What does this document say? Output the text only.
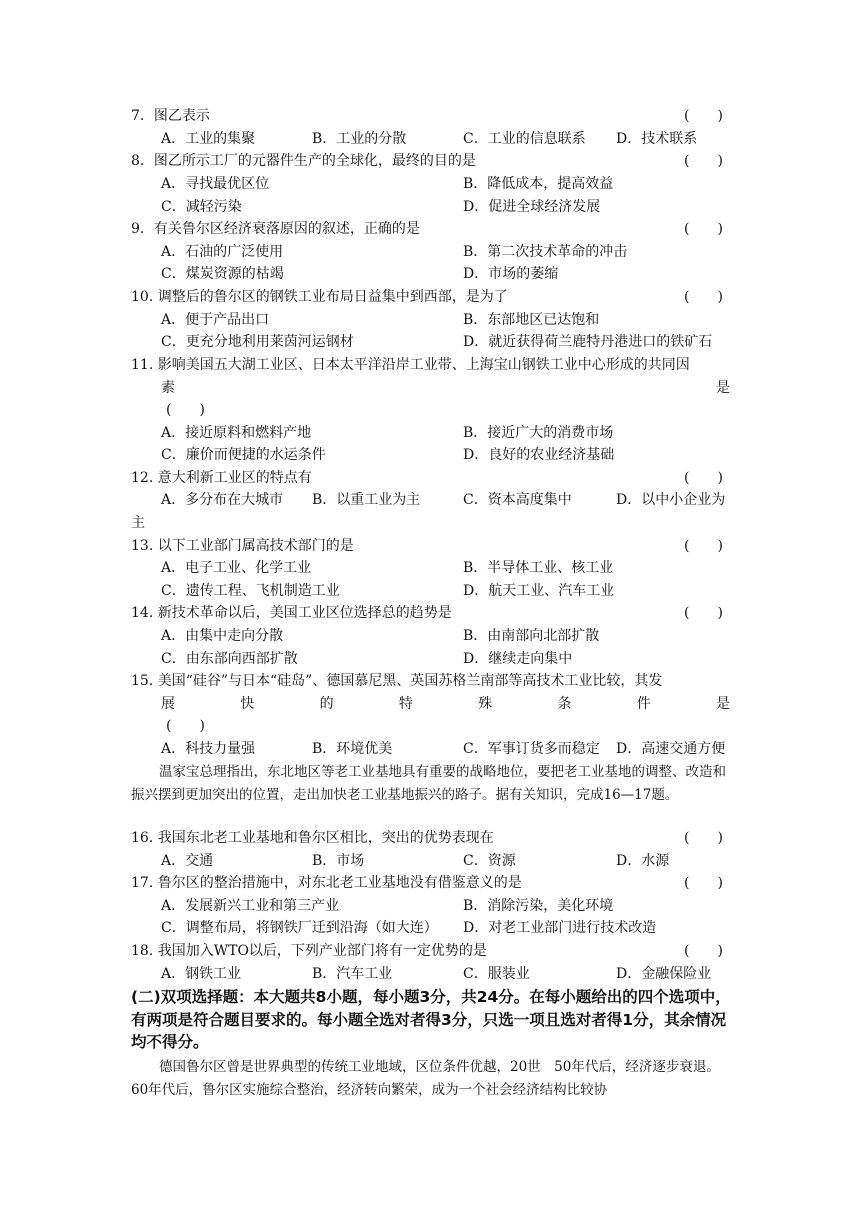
7．图乙表示	(　　)
A．工业的集聚	B．工业的分散	C．工业的信息联系 D．技术联系
8．图乙所示工厂的元器件生产的全球化，最终的目的是	(　　)
A．寻找最优区位	B．降低成本，提高效益
C．减轻污染	D．促进全球经济发展
9．有关鲁尔区经济衰落原因的叙述，正确的是	(　　)
A．石油的广泛使用	B．第二次技术革命的冲击
C．煤炭资源的枯竭	D．市场的萎缩
10. 调整后的鲁尔区的钢铁工业布局日益集中到西部，是为了	(　　)
A．便于产品出口	B．东部地区已达饱和
C．更充分地利用莱茵河运钢材	D．就近获得荷兰鹿特丹港进口的铁矿石
11. 影响美国五大湖工业区、日本太平洋沿岸工业带、上海宝山钢铁工业中心形成的共同因
素	是
(　　)
A．接近原料和燃料产地	B．接近广大的消费市场
C．廉价而便捷的水运条件	D．良好的农业经济基础
12. 意大利新工业区的特点有	(　　)
A．多分布在大城市 B．以重工业为主	C．资本高度集中	D．以中小企业为
主
13. 以下工业部门属高技术部门的是	(　　)
A．电子工业、化学工业	B．半导体工业、核工业
C．遗传工程、飞机制造工业	D．航天工业、汽车工业
14. 新技术革命以后，美国工业区位选择总的趋势是	(　　)
A．由集中走向分散	B．由南部向北部扩散
C．由东部向西部扩散	D．继续走向集中
15. 美国“硅谷”与日本“硅岛”、德国慕尼黑、英国苏格兰南部等高技术工业比较，其发
展	快	的	特	殊	条	件	是
(　　)
A．科技力量强	B．环境优美	C．军事订货多而稳定 D．高速交通方便
温家宝总理指出，东北地区等老工业基地具有重要的战略地位，要把老工业基地的调整、改造和振兴摆到更加突出的位置，走出加快老工业基地振兴的路子。据有关知识，完成16—17题。
16. 我国东北老工业基地和鲁尔区相比，突出的优势表现在	(　　)
A．交通	B．市场	C．资源	D．水源
17. 鲁尔区的整治措施中，对东北老工业基地没有借鉴意义的是	(　　)
A．发展新兴工业和第三产业	B．消除污染，美化环境
C．调整布局，将钢铁厂迁到沿海（如大连） D．对老工业部门进行技术改造
18. 我国加入WTO以后，下列产业部门将有一定优势的是	(　　)
A．钢铁工业	B．汽车工业	C．服装业	D．金融保险业
(二)双项选择题：本大题共8小题，每小题3分，共24分。在每小题给出的四个选项中，有两项是符合题目要求的。每小题全选对者得3分，只选一项且选对者得1分，其余情况均不得分。
德国鲁尔区曾是世界典型的传统工业地域，区位条件优越，20世　50年代后，经济逐步衰退。60年代后，鲁尔区实施综合整治，经济转向繁荣，成为一个社会经济结构比较协
